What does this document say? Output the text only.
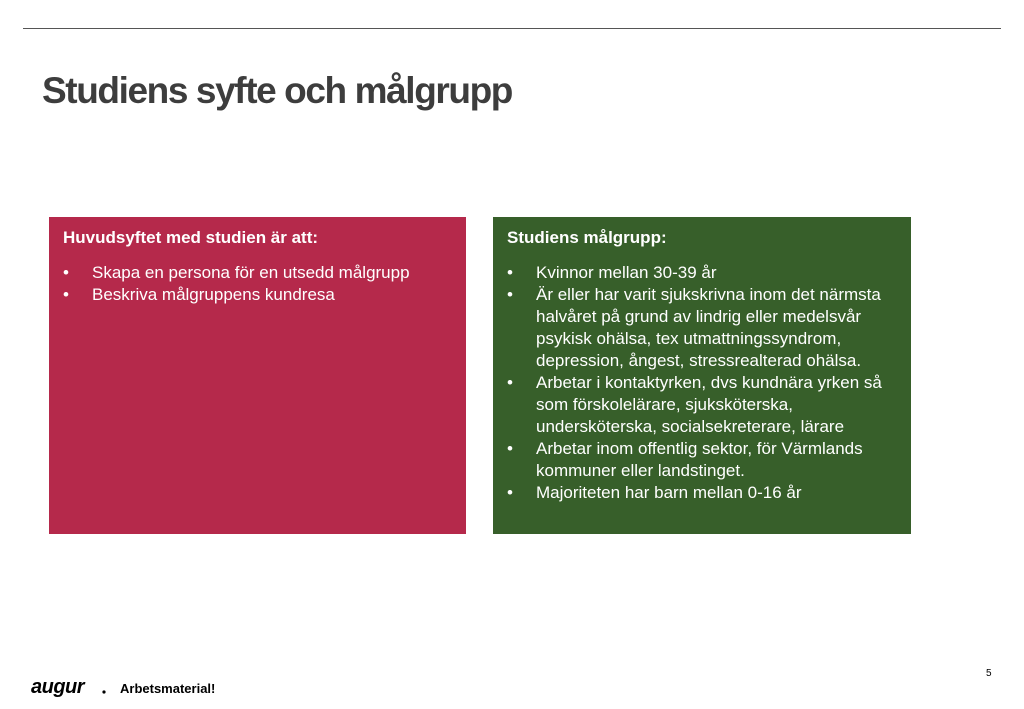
Studiens syfte och målgrupp

Huvudsyftet med studien är att:

•	Skapa en persona för en utsedd målgrupp
•	Beskriva målgruppens kundresa

Studiens målgrupp:

•	Kvinnor mellan 30-39 år
•	Är eller har varit sjukskrivna inom det närmsta halvåret på grund av lindrig eller medelsvår psykisk ohälsa, tex utmattningssyndrom, depression, ångest, stressrealterad ohälsa.
•	Arbetar i kontaktyrken, dvs kundnära yrken så som förskolelärare, sjuksköterska, undersköterska, socialsekreterare, lärare
•	Arbetar inom offentlig sektor, för Värmlands kommuner eller landstinget.
•	Majoriteten har barn mellan 0-16 år
augur	Arbetsmaterial!
5
